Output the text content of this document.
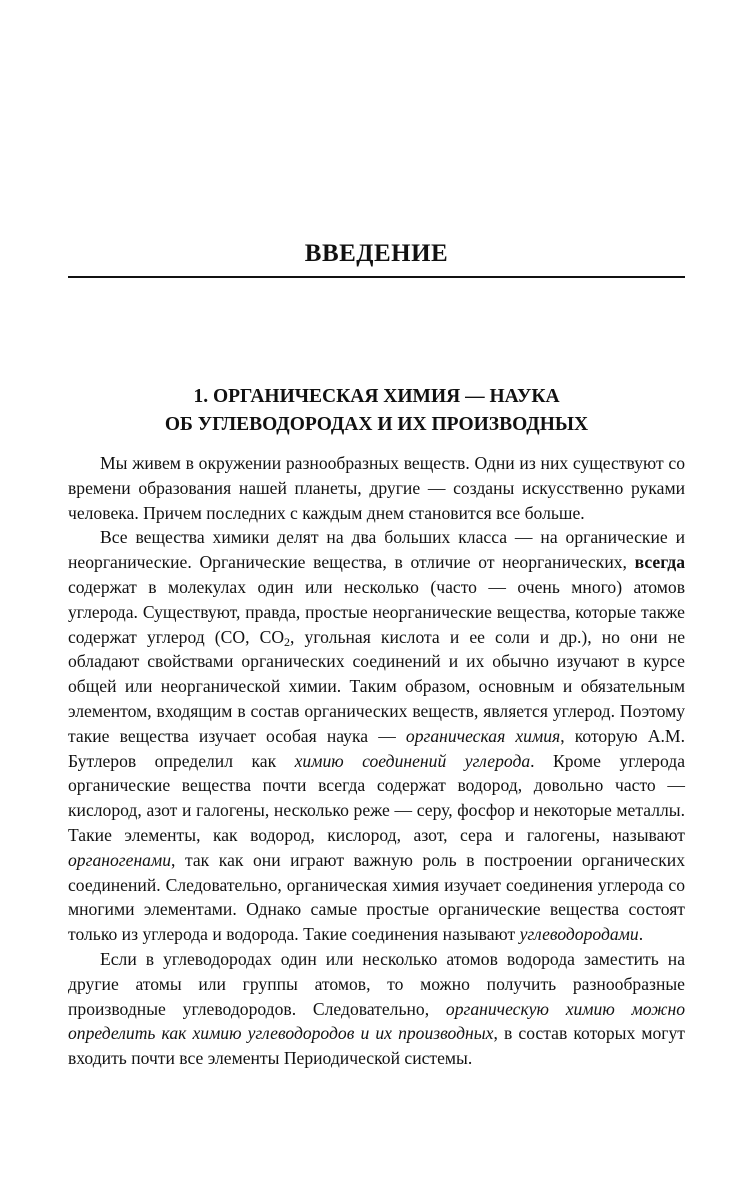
ВВЕДЕНИЕ
1. ОРГАНИЧЕСКАЯ ХИМИЯ — НАУКА
ОБ УГЛЕВОДОРОДАХ И ИХ ПРОИЗВОДНЫХ

Мы живем в окружении разнообразных веществ. Одни из них существуют со времени образования нашей планеты, другие — созданы искусственно руками человека. Причем последних с каждым днем становится все больше.

Все вещества химики делят на два больших класса — на органические и неорганические. Органические вещества, в отличие от неорганических, всегда содержат в молекулах один или несколько (часто — очень много) атомов углерода. Существуют, правда, простые неорганические вещества, которые также содержат углерод (CO, $CO_2$, угольная кислота и ее соли и др.), но они не обладают свойствами органических соединений и их обычно изучают в курсе общей или неорганической химии. Таким образом, основным и обязательным элементом, входящим в состав органических веществ, является углерод. Поэтому такие вещества изучает особая наука — органическая химия, которую А.М. Бутлеров определил как химию соединений углерода. Кроме углерода органические вещества почти всегда содержат водород, довольно часто — кислород, азот и галогены, несколько реже — серу, фосфор и некоторые металлы. Такие элементы, как водород, кислород, азот, сера и галогены, называют органогенами, так как они играют важную роль в построении органических соединений. Следовательно, органическая химия изучает соединения углерода со многими элементами. Однако самые простые органические вещества состоят только из углерода и водорода. Такие соединения называют углеводородами.

Если в углеводородах один или несколько атомов водорода заместить на другие атомы или группы атомов, то можно получить разнообразные производные углеводородов. Следовательно, органическую химию можно определить как химию углеводородов и их производных, в состав которых могут входить почти все элементы Периодической системы.
